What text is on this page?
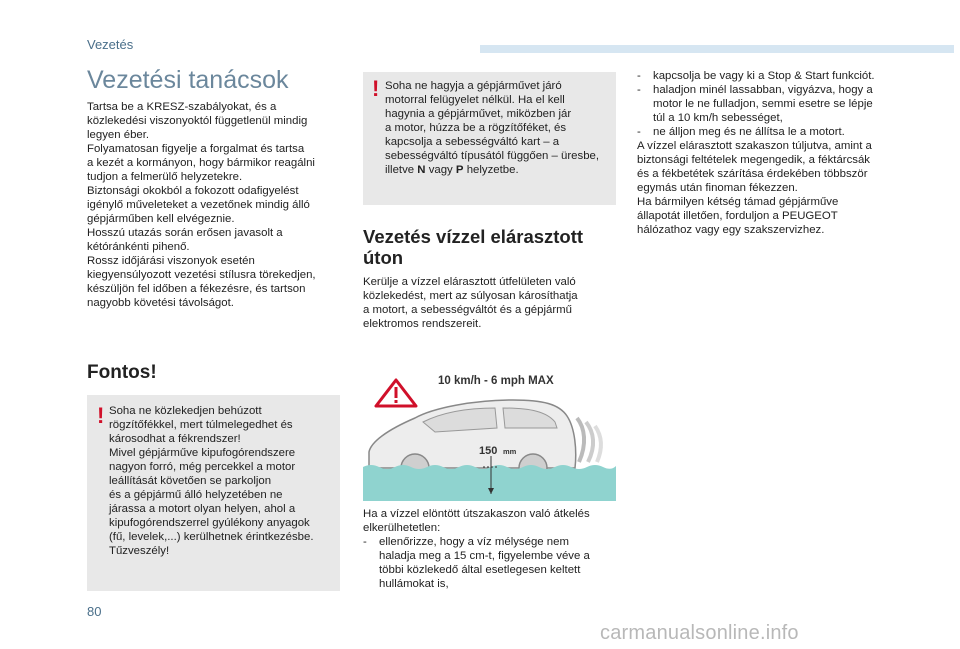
Vezetés
Vezetési tanácsok
Tartsa be a KRESZ-szabályokat, és a
közlekedési viszonyoktól függetlenül mindig
legyen éber.
Folyamatosan figyelje a forgalmat és tartsa
a kezét a kormányon, hogy bármikor reagálni
tudjon a felmerülő helyzetekre.
Biztonsági okokból a fokozott odafigyelést
igénylő műveleteket a vezetőnek mindig álló
gépjárműben kell elvégeznie.
Hosszú utazás során erősen javasolt a
kétóránkénti pihenő.
Rossz időjárási viszonyok esetén
kiegyensúlyozott vezetési stílusra törekedjen,
készüljön fel időben a fékezésre, és tartson
nagyobb követési távolságot.
Fontos!
! Soha ne közlekedjen behúzott
rögzítőfékkel, mert túlmelegedhet és
károsodhat a fékrendszer!
Mivel gépjárműve kipufogórendszere
nagyon forró, még percekkel a motor
leállítását követően se parkoljon
és a gépjármű álló helyzetében ne
járassa a motort olyan helyen, ahol a
kipufogórendszerrel gyúlékony anyagok
(fű, levelek,...) kerülhetnek érintkezésbe.
Tűzveszély!
! Soha ne hagyja a gépjárművet járó
motorral felügyelet nélkül. Ha el kell
hagynia a gépjárművet, miközben jár
a motor, húzza be a rögzítőféket, és
kapcsolja a sebességváltó kart – a
sebességváltó típusától függően – üresbe,
illetve N vagy P helyzetbe.
Vezetés vízzel elárasztott
úton
Kerülje a vízzel elárasztott útfelületen való
közlekedést, mert az súlyosan károsíthatja
a motort, a sebességváltót és a gépjármű
elektromos rendszereit.
150 mm
10 km/h - 6 mph MAX
Ha a vízzel elöntött útszakaszon való átkelés
elkerülhetetlen:
-	ellenőrizze, hogy a víz mélysége nem
haladja meg a 15 cm-t, figyelembe véve a
többi közlekedő által esetlegesen keltett
hullámokat is,
-	kapcsolja be vagy ki a Stop & Start funkciót.
-	haladjon minél lassabban, vigyázva, hogy a
motor le ne fulladjon, semmi esetre se lépje
túl a 10 km/h sebességet,
-	ne álljon meg és ne állítsa le a motort.
A vízzel elárasztott szakaszon túljutva, amint a
biztonsági feltételek megengedik, a féktárcsák
és a fékbetétek szárítása érdekében többször
egymás után finoman fékezzen.
Ha bármilyen kétség támad gépjárműve
állapotát illetően, forduljon a PEUGEOT
hálózathoz vagy egy szakszervizhez.
80
carmanualsonline.info
